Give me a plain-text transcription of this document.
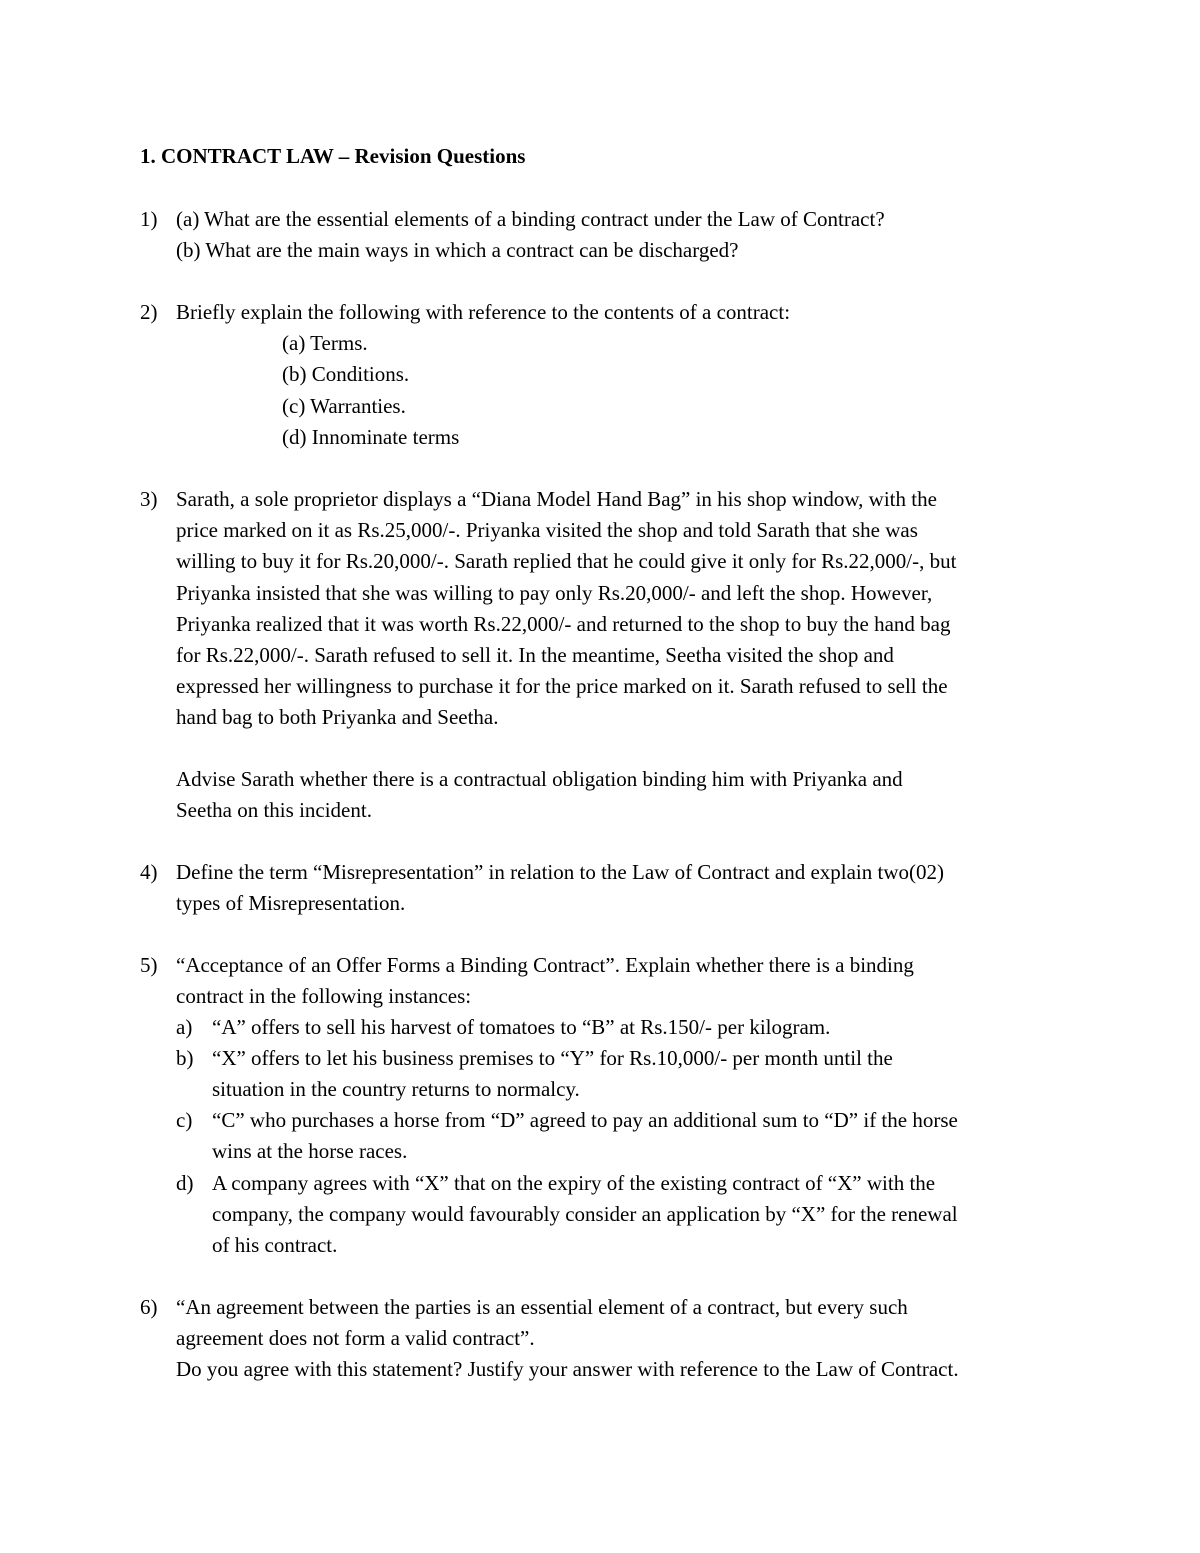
1. CONTRACT LAW – Revision Questions
1) (a) What are the essential elements of a binding contract under the Law of Contract?
(b) What are the main ways in which a contract can be discharged?
2) Briefly explain the following with reference to the contents of a contract:
(a) Terms.
(b) Conditions.
(c) Warranties.
(d) Innominate terms
3) Sarath, a sole proprietor displays a “Diana Model Hand Bag” in his shop window, with the
price marked on it as Rs.25,000/-. Priyanka visited the shop and told Sarath that she was
willing to buy it for Rs.20,000/-. Sarath replied that he could give it only for Rs.22,000/-, but
Priyanka insisted that she was willing to pay only Rs.20,000/- and left the shop. However,
Priyanka realized that it was worth Rs.22,000/- and returned to the shop to buy the hand bag
for Rs.22,000/-. Sarath refused to sell it. In the meantime, Seetha visited the shop and
expressed her willingness to purchase it for the price marked on it. Sarath refused to sell the
hand bag to both Priyanka and Seetha.
Advise Sarath whether there is a contractual obligation binding him with Priyanka and
Seetha on this incident.
4) Define the term “Misrepresentation” in relation to the Law of Contract and explain two(02)
types of Misrepresentation.
5) “Acceptance of an Offer Forms a Binding Contract”. Explain whether there is a binding
contract in the following instances:
a) “A” offers to sell his harvest of tomatoes to “B” at Rs.150/- per kilogram.
b) “X” offers to let his business premises to “Y” for Rs.10,000/- per month until the
situation in the country returns to normalcy.
c) “C” who purchases a horse from “D” agreed to pay an additional sum to “D” if the horse
wins at the horse races.
d) A company agrees with “X” that on the expiry of the existing contract of “X” with the
company, the company would favourably consider an application by “X” for the renewal
of his contract.
6) “An agreement between the parties is an essential element of a contract, but every such
agreement does not form a valid contract”.
Do you agree with this statement? Justify your answer with reference to the Law of Contract.
